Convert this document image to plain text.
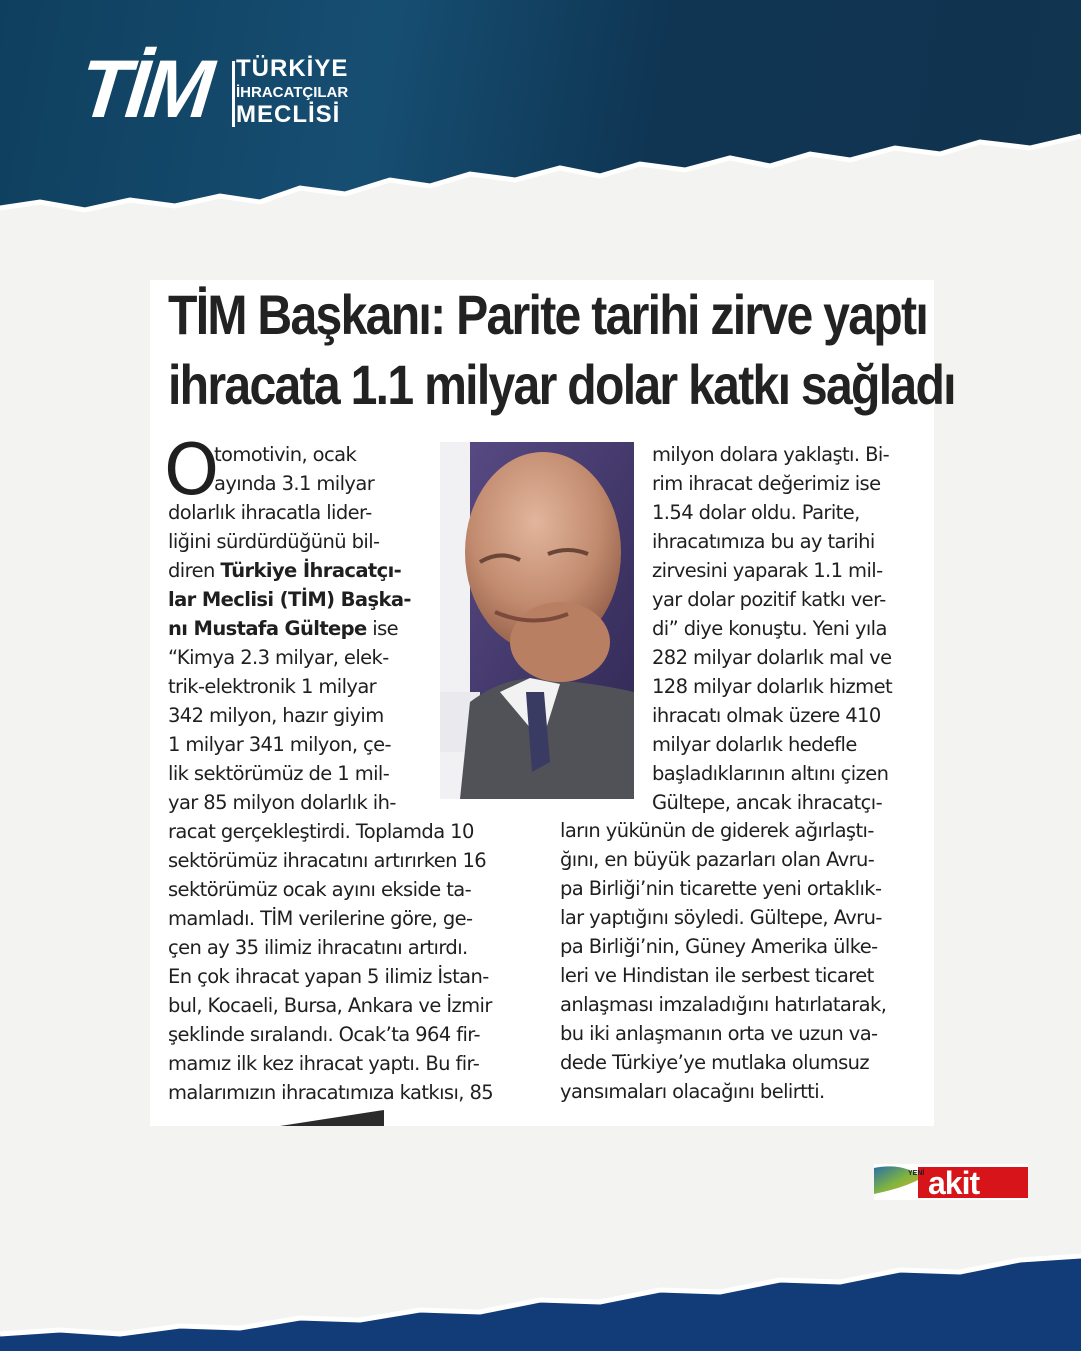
TİM TÜRKİYE
İHRACATÇILAR
MECLİSİ
TİM Başkanı: Parite tarihi zirve yaptı
ihracata 1.1 milyar dolar katkı sağladı
O

tomotivin, ocak

ayında 3.1 milyar

dolarlık ihracatla lider-

liğini sürdürdüğünü bil-

diren Türkiye İhracatçı-

lar Meclisi (TİM) Başka-

nı Mustafa Gültepe ise

“Kimya 2.3 milyar, elek-

trik-elektronik 1 milyar

342 milyon, hazır giyim

1 milyar 341 milyon, çe-

lik sektörümüz de 1 mil-

yar 85 milyon dolarlık ih-

racat gerçekleştirdi. Toplamda 10

sektörümüz ihracatını artırırken 16

sektörümüz ocak ayını ekside ta-

mamladı. TİM verilerine göre, ge-

çen ay 35 ilimiz ihracatını artırdı.

En çok ihracat yapan 5 ilimiz İstan-

bul, Kocaeli, Bursa, Ankara ve İzmir

şeklinde sıralandı. Ocak’ta 964 fir-

mamız ilk kez ihracat yaptı. Bu fir-

malarımızın ihracatımıza katkısı, 85

milyon dolara yaklaştı. Bi-

rim ihracat değerimiz ise

1.54 dolar oldu. Parite,

ihracatımıza bu ay tarihi

zirvesini yaparak 1.1 mil-

yar dolar pozitif katkı ver-

di” diye konuştu. Yeni yıla

282 milyar dolarlık mal ve

128 milyar dolarlık hizmet

ihracatı olmak üzere 410

milyar dolarlık hedefle

başladıklarının altını çizen

Gültepe, ancak ihracatçı-

ların yükünün de giderek ağırlaştı-

ğını, en büyük pazarları olan Avru-

pa Birliği’nin ticarette yeni ortaklık-

lar yaptığını söyledi. Gültepe, Avru-

pa Birliği’nin, Güney Amerika ülke-

leri ve Hindistan ile serbest ticaret

anlaşması imzaladığını hatırlatarak,

bu iki anlaşmanın orta ve uzun va-

dede Türkiye’ye mutlaka olumsuz

yansımaları olacağını belirtti.

YENİ akit
